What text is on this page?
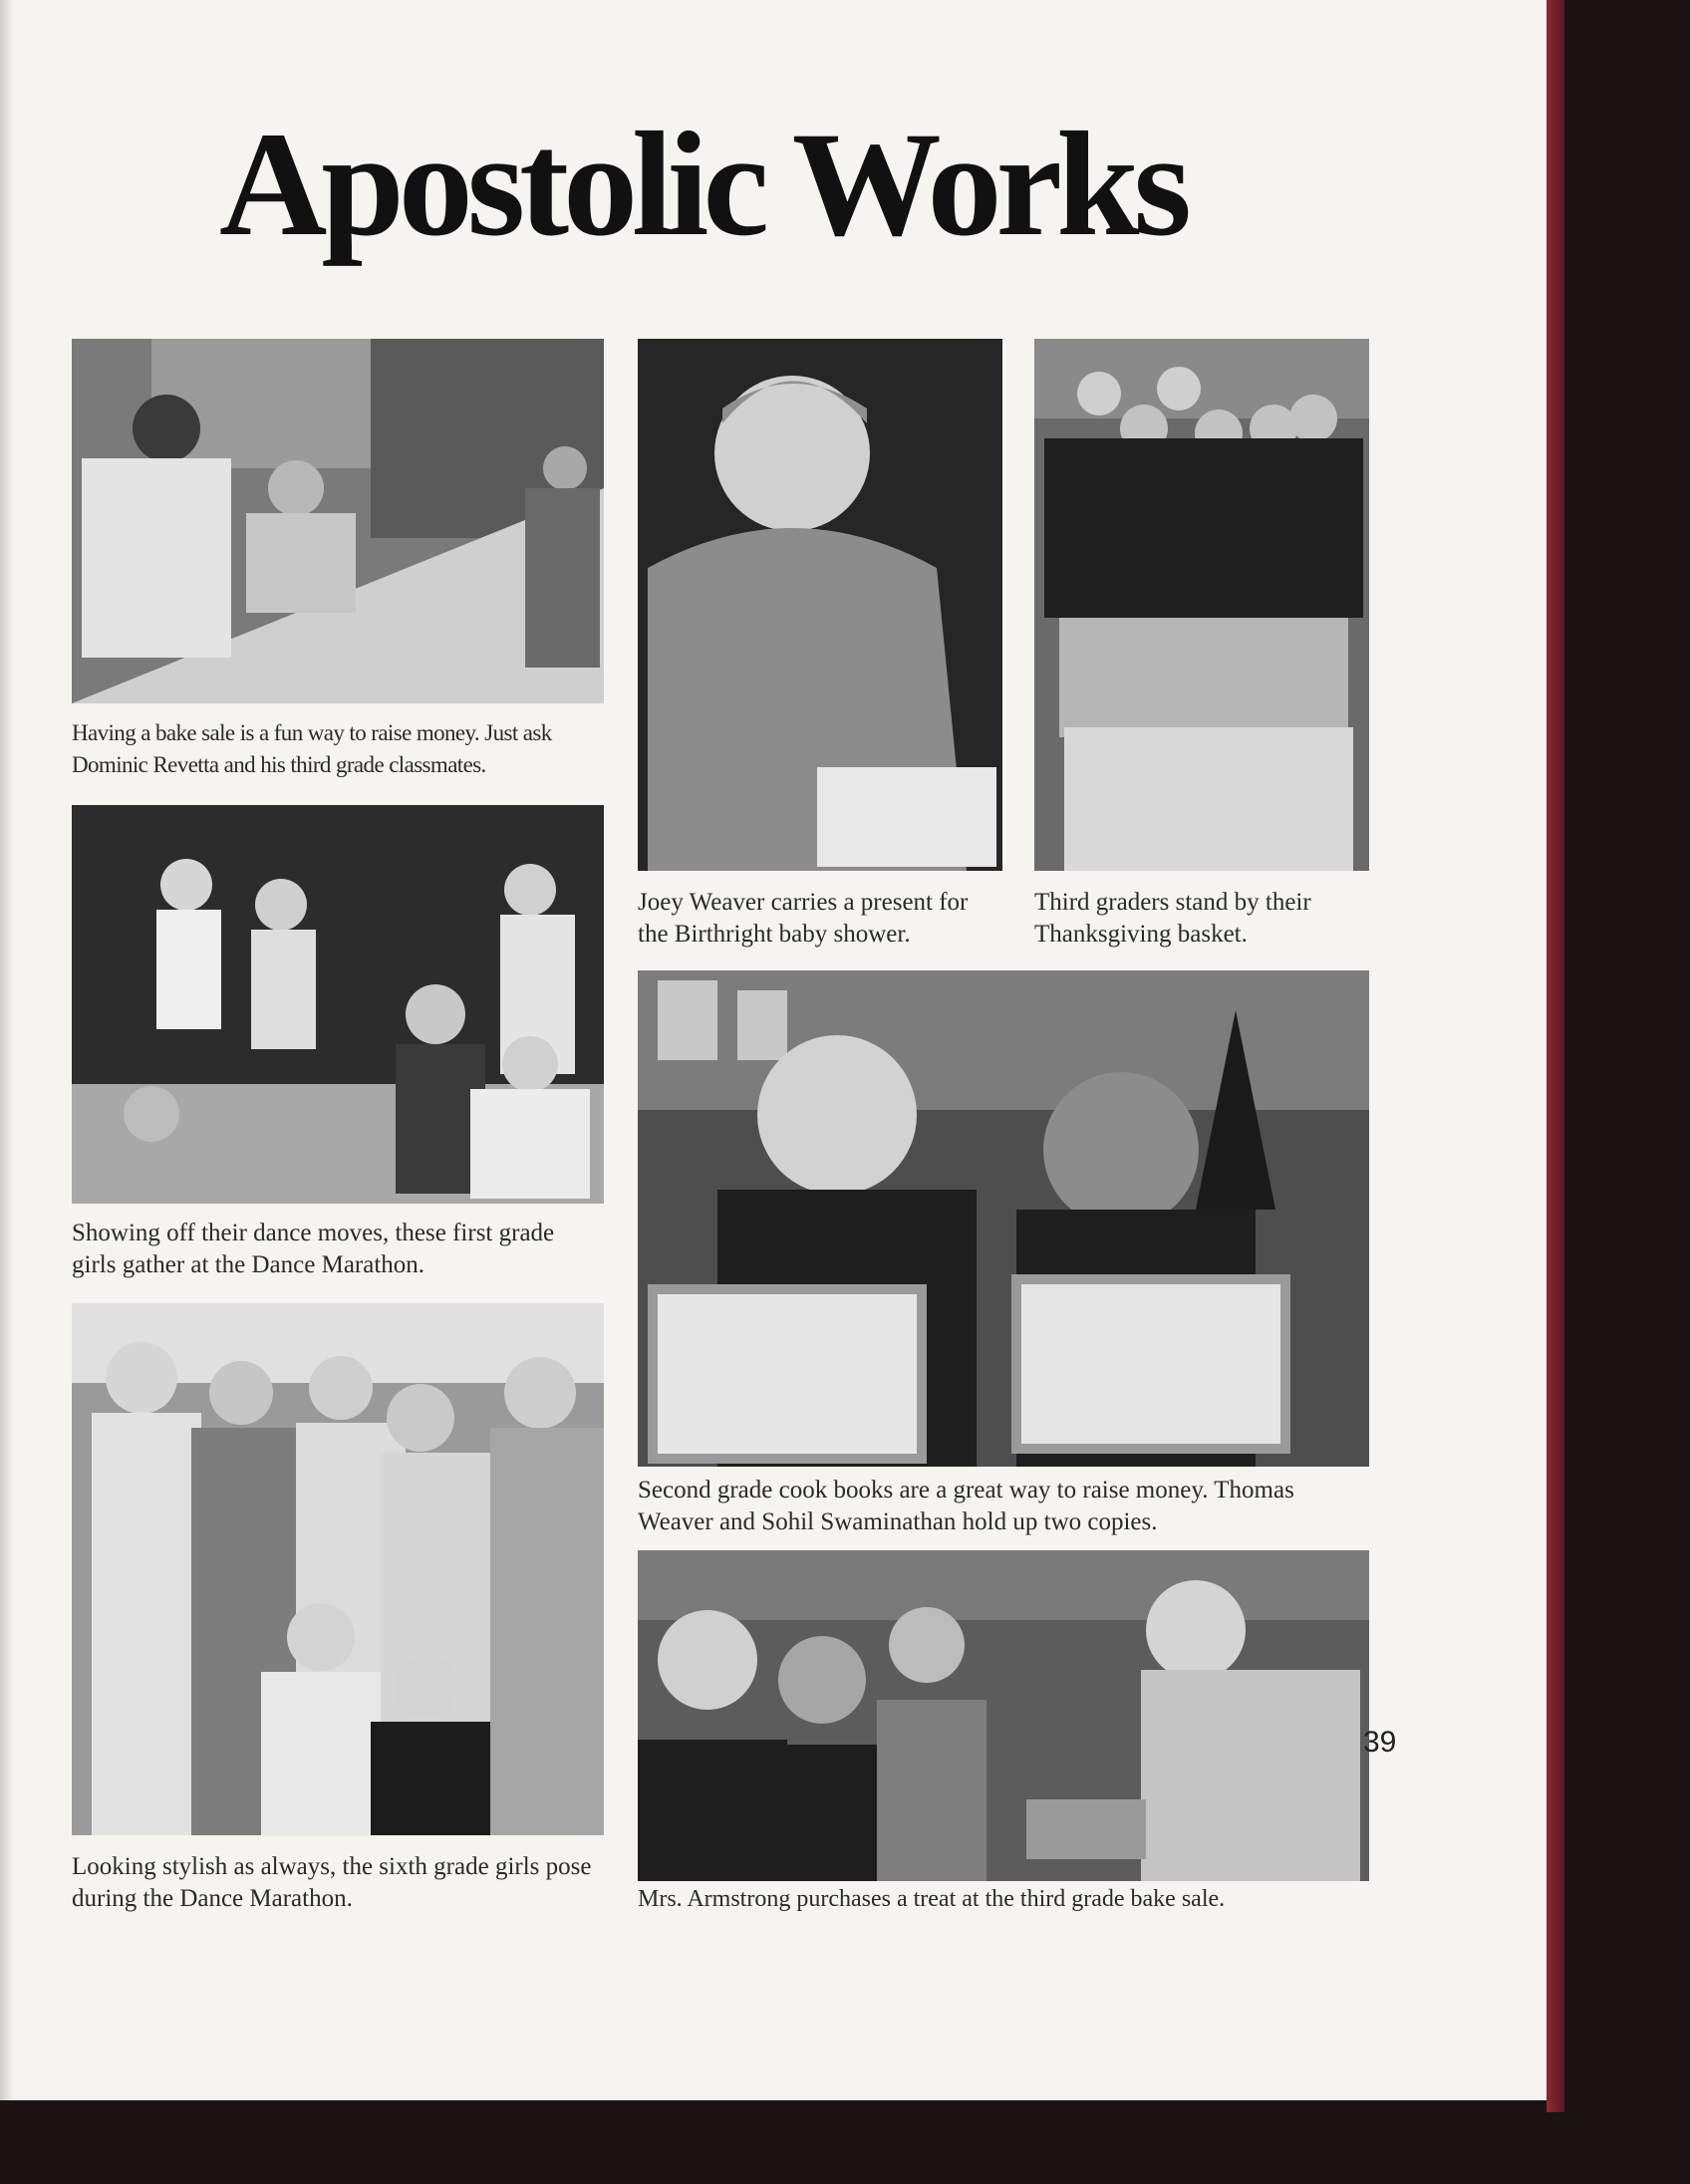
Apostolic Works

Having a bake sale is a fun way to raise money. Just ask Dominic Revetta and his third grade classmates.

Joey Weaver carries a present for the Birthright baby shower.

Third graders stand by their Thanksgiving basket.

Showing off their dance moves, these first grade girls gather at the Dance Marathon.

Second grade cook books are a great way to raise money. Thomas Weaver and Sohil Swaminathan hold up two copies.

Looking stylish as always, the sixth grade girls pose during the Dance Marathon.	Mrs. Armstrong purchases a treat at the third grade bake sale.

39
